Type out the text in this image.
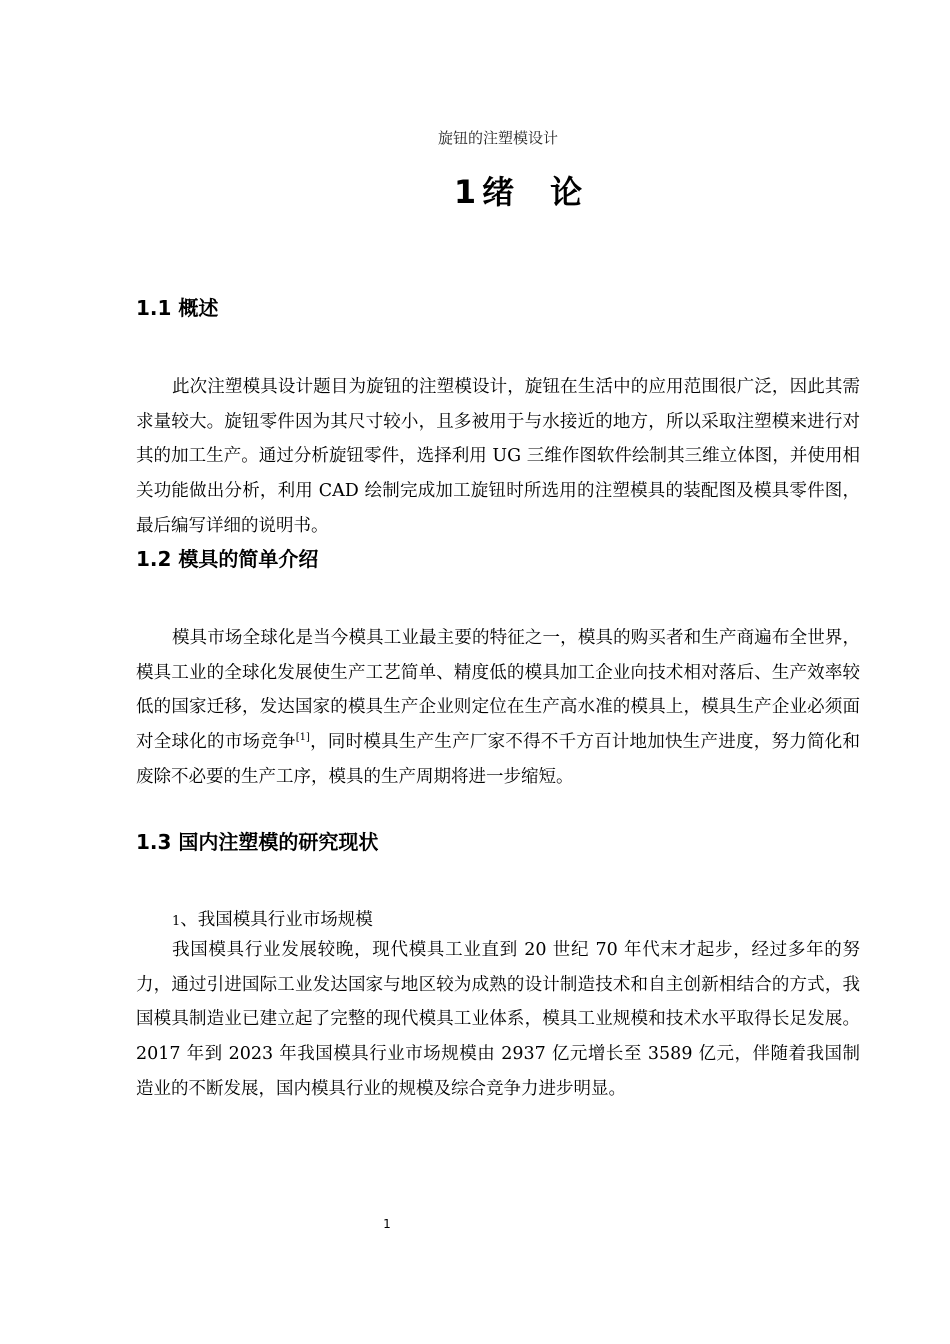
旋钮的注塑模设计
1 绪 论
1.1 概述
此次注塑模具设计题目为旋钮的注塑模设计，旋钮在生活中的应用范围很广泛，因此其需求量较大。旋钮零件因为其尺寸较小，且多被用于与水接近的地方，所以采取注塑模来进行对其的加工生产。通过分析旋钮零件，选择利用 UG 三维作图软件绘制其三维立体图，并使用相关功能做出分析，利用 CAD 绘制完成加工旋钮时所选用的注塑模具的装配图及模具零件图，最后编写详细的说明书。
1.2 模具的简单介绍
模具市场全球化是当今模具工业最主要的特征之一，模具的购买者和生产商遍布全世界，模具工业的全球化发展使生产工艺简单、精度低的模具加工企业向技术相对落后、生产效率较低的国家迁移，发达国家的模具生产企业则定位在生产高水准的模具上，模具生产企业必须面对全球化的市场竞争[1]，同时模具生产生产厂家不得不千方百计地加快生产进度，努力简化和废除不必要的生产工序，模具的生产周期将进一步缩短。
1.3 国内注塑模的研究现状
1、我国模具行业市场规模
我国模具行业发展较晚，现代模具工业直到 20 世纪 70 年代末才起步，经过多年的努力，通过引进国际工业发达国家与地区较为成熟的设计制造技术和自主创新相结合的方式，我国模具制造业已建立起了完整的现代模具工业体系，模具工业规模和技术水平取得长足发展。2017 年到 2023 年我国模具行业市场规模由 2937 亿元增长至 3589 亿元，伴随着我国制造业的不断发展，国内模具行业的规模及综合竞争力进步明显。
1
